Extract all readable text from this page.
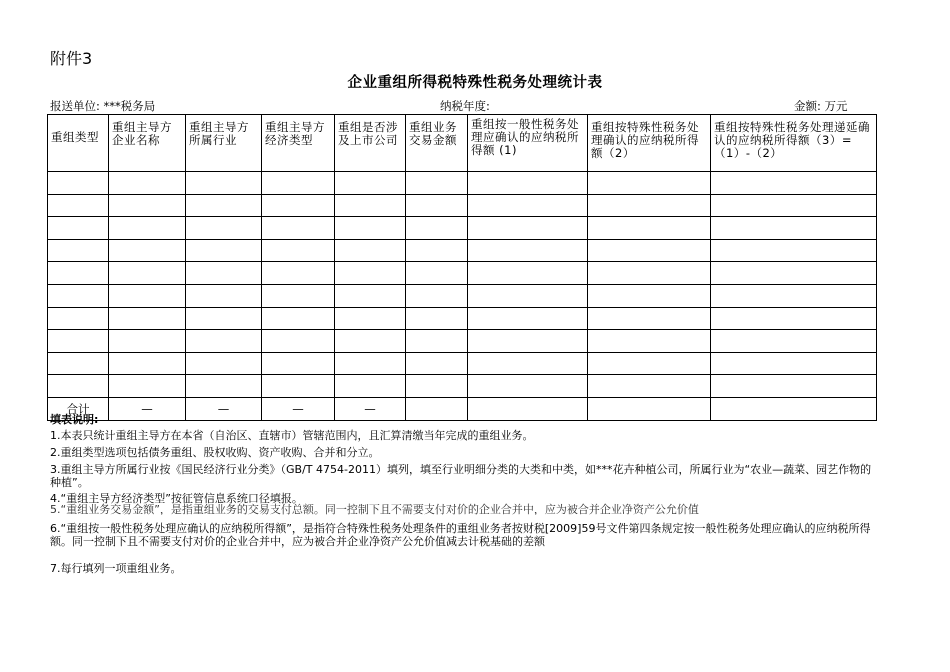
附件3
企业重组所得税特殊性税务处理统计表
报送单位: ***税务局	纳税年度:	金额: 万元
重组类型	重组主导方企业名称	重组主导方所属行业	重组主导方经济类型	重组是否涉及上市公司	重组业务交易金额	重组按一般性税务处理应确认的应纳税所得额 (1)	重组按特殊性税务处理确认的应纳税所得额（2）	重组按特殊性税务处理递延确认的应纳税所得额（3）=（1）-（2）

合计	—	—	—	—				
填表说明:
1.本表只统计重组主导方在本省（自治区、直辖市）管辖范围内，且汇算清缴当年完成的重组业务。
2.重组类型选项包括债务重组、股权收购、资产收购、合并和分立。
3.重组主导方所属行业按《国民经济行业分类》（GB/T 4754-2011）填列，填至行业明细分类的大类和中类，如***花卉种植公司，所属行业为“农业—蔬菜、园艺作物的种植”。
4.“重组主导方经济类型”按征管信息系统口径填报。
5.“重组业务交易金额”，是指重组业务的交易支付总额。同一控制下且不需要支付对价的企业合并中，应为被合并企业净资产公允价值
6.“重组按一般性税务处理应确认的应纳税所得额”，是指符合特殊性税务处理条件的重组业务者按财税[2009]59号文件第四条规定按一般性税务处理应确认的应纳税所得额。同一控制下且不需要支付对价的企业合并中，应为被合并企业净资产公允价值减去计税基础的差额
7.每行填列一项重组业务。
